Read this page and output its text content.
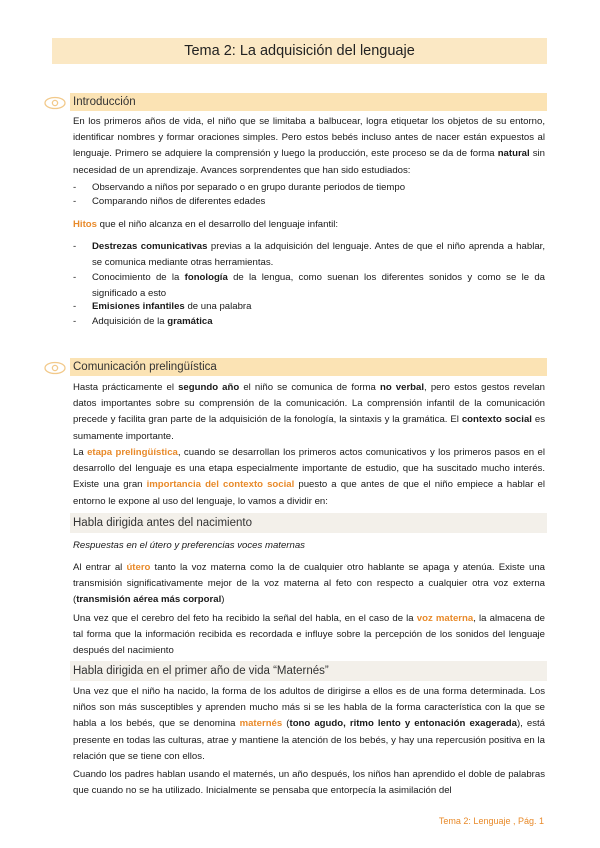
Tema 2: La adquisición del lenguaje
Introducción

En los primeros años de vida, el niño que se limitaba a balbucear, logra etiquetar los objetos de su entorno, identificar nombres y formar oraciones simples. Pero estos bebés incluso antes de nacer están expuestos al lenguaje. Primero se adquiere la comprensión y luego la producción, este proceso se da de forma natural sin necesidad de un aprendizaje. Avances sorprendentes que han sido estudiados:

- Observando a niños por separado o en grupo durante periodos de tiempo
- Comparando niños de diferentes edades

Hitos que el niño alcanza en el desarrollo del lenguaje infantil:

- Destrezas comunicativas previas a la adquisición del lenguaje. Antes de que el niño aprenda a hablar, se comunica mediante otras herramientas.
- Conocimiento de la fonología de la lengua, como suenan los diferentes sonidos y como se le da significado a esto
- Emisiones infantiles de una palabra
- Adquisición de la gramática
Comunicación prelingüística

Hasta prácticamente el segundo año el niño se comunica de forma no verbal, pero estos gestos revelan datos importantes sobre su comprensión de la comunicación. La comprensión infantil de la comunicación precede y facilita gran parte de la adquisición de la fonología, la sintaxis y la gramática. El contexto social es sumamente importante.

La etapa prelingüística, cuando se desarrollan los primeros actos comunicativos y los primeros pasos en el desarrollo del lenguaje es una etapa especialmente importante de estudio, que ha suscitado mucho interés. Existe una gran importancia del contexto social puesto a que antes de que el niño empiece a hablar el entorno le expone al uso del lenguaje, lo vamos a dividir en:

Habla dirigida antes del nacimiento

Respuestas en el útero y preferencias voces maternas

Al entrar al útero tanto la voz materna como la de cualquier otro hablante se apaga y atenúa. Existe una transmisión significativamente mejor de la voz materna al feto con respecto a cualquier otra voz externa (transmisión aérea más corporal)

Una vez que el cerebro del feto ha recibido la señal del habla, en el caso de la voz materna, la almacena de tal forma que la información recibida es recordada e influye sobre la percepción de los sonidos del lenguaje después del nacimiento

Habla dirigida en el primer año de vida “Maternés”

Una vez que el niño ha nacido, la forma de los adultos de dirigirse a ellos es de una forma determinada. Los niños son más susceptibles y aprenden mucho más si se les habla de la forma característica con la que se habla a los bebés, que se denomina maternés (tono agudo, ritmo lento y entonación exagerada), está presente en todas las culturas, atrae y mantiene la atención de los bebés, y hay una repercusión positiva en la relación que se tiene con ellos.

Cuando los padres hablan usando el maternés, un año después, los niños han aprendido el doble de palabras que cuando no se ha utilizado. Inicialmente se pensaba que entorpecía la asimilación del

Tema 2: Lenguaje , Pág. 1
